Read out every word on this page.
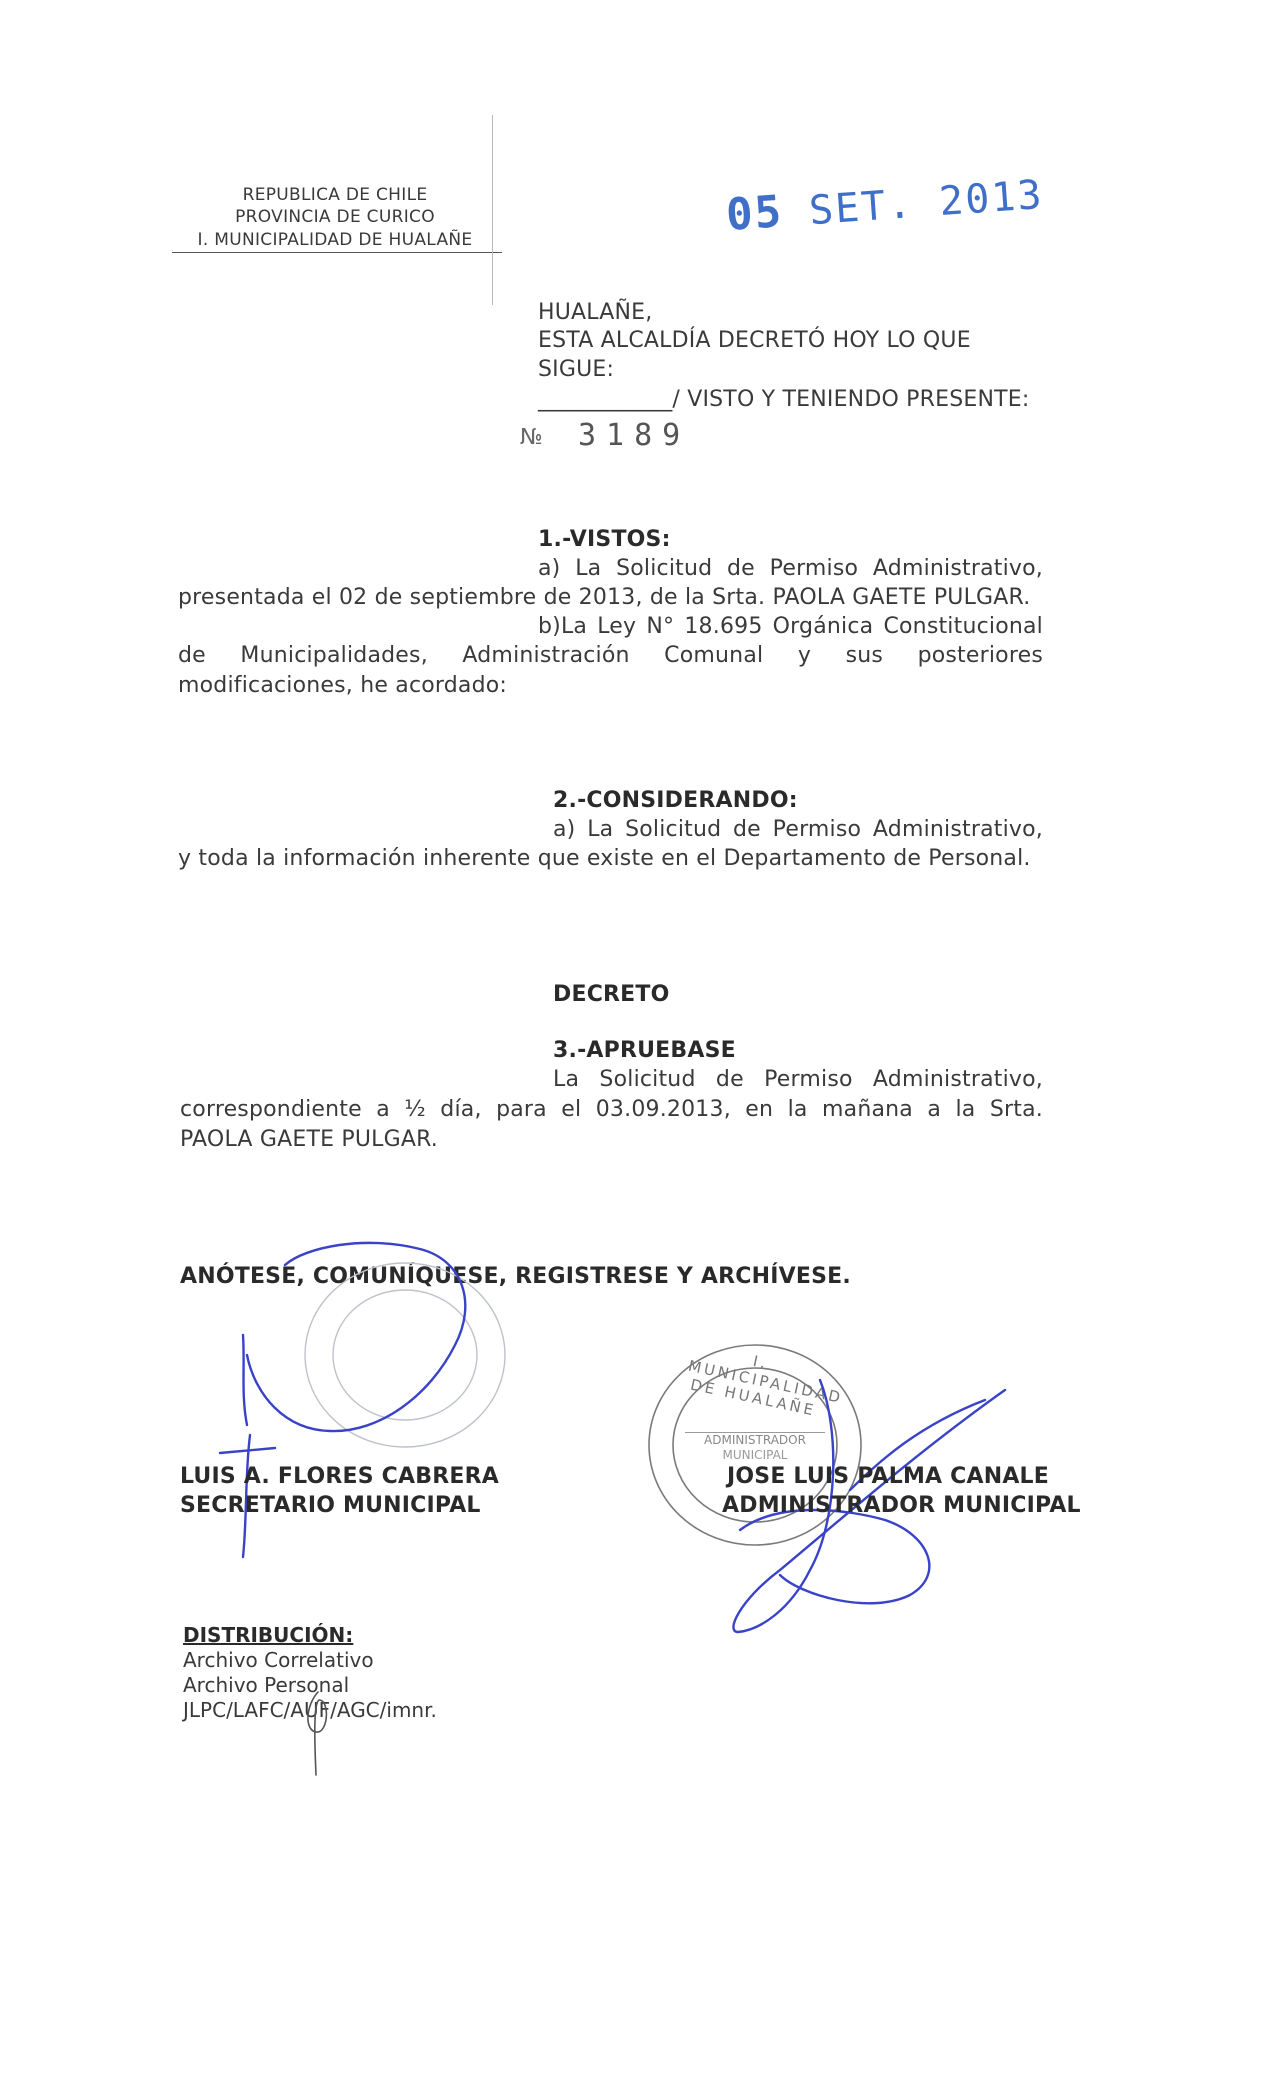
REPUBLICA DE CHILE
PROVINCIA DE CURICO
I. MUNICIPALIDAD DE HUALAÑE	05 SET. 2013
HUALAÑE,
ESTA ALCALDÍA DECRETÓ HOY LO QUE
SIGUE:
____________/ VISTO Y TENIENDO PRESENTE:
№ 3189
1.-VISTOS:
a) La Solicitud de Permiso Administrativo,
presentada el 02 de septiembre de 2013, de la Srta. PAOLA GAETE PULGAR.
b)La Ley N° 18.695 Orgánica Constitucional
de Municipalidades, Administración Comunal y sus posteriores
modificaciones, he acordado:
2.-CONSIDERANDO:
a) La Solicitud de Permiso Administrativo,
y toda la información inherente que existe en el Departamento de Personal.
DECRETO
3.-APRUEBASE
La Solicitud de Permiso Administrativo,
correspondiente a ½ día, para el 03.09.2013, en la mañana a la Srta.
PAOLA GAETE PULGAR.
ANÓTESE, COMUNÍQUESE, REGISTRESE Y ARCHÍVESE.
I. MUNICIPALIDAD DE HUALAÑE
ADMINISTRADOR
MUNICIPAL
LUIS A. FLORES CABRERA
SECRETARIO MUNICIPAL
JOSE LUIS PALMA CANALE
ADMINISTRADOR MUNICIPAL
DISTRIBUCIÓN:
Archivo Correlativo
Archivo Personal
JLPC/LAFC/AUF/AGC/imnr.
